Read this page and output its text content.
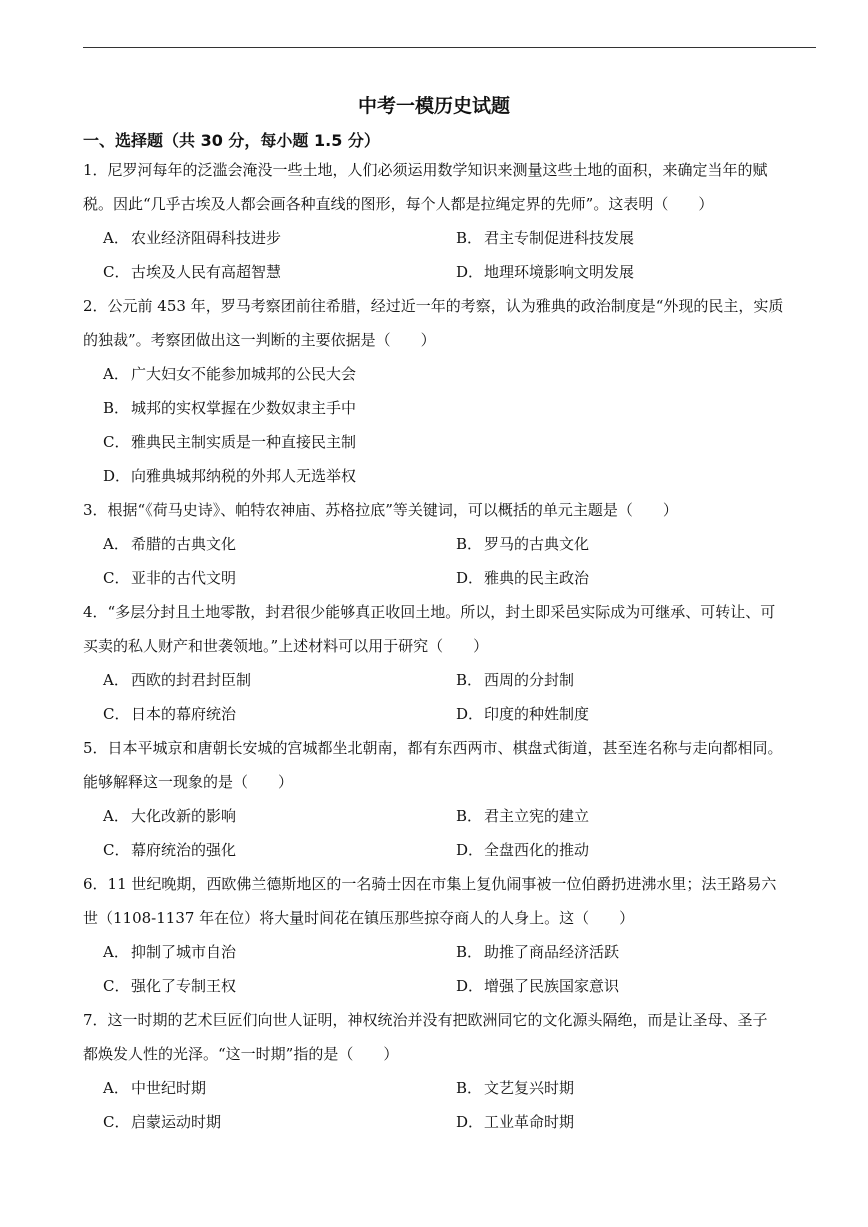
中考一模历史试题
一、选择题（共 30 分，每小题 1.5 分）
1．尼罗河每年的泛滥会淹没一些土地，人们必须运用数学知识来测量这些土地的面积，来确定当年的赋
税。因此“几乎古埃及人都会画各种直线的图形，每个人都是拉绳定界的先师”。这表明（　　）
A． 农业经济阻碍科技进步	B． 君主专制促进科技发展
C． 古埃及人民有高超智慧	D．地理环境影响文明发展
2．公元前 453 年，罗马考察团前往希腊，经过近一年的考察，认为雅典的政治制度是“外现的民主，实质
的独裁”。考察团做出这一判断的主要依据是（　　）
A． 广大妇女不能参加城邦的公民大会
B． 城邦的实权掌握在少数奴隶主手中
C． 雅典民主制实质是一种直接民主制
D．向雅典城邦纳税的外邦人无选举权
3．根据“《荷马史诗》、帕特农神庙、苏格拉底”等关键词，可以概括的单元主题是（　　）
A． 希腊的古典文化	B． 罗马的古典文化
C． 亚非的古代文明	D．雅典的民主政治
4．“多层分封且土地零散，封君很少能够真正收回土地。所以，封土即采邑实际成为可继承、可转让、可
买卖的私人财产和世袭领地。”上述材料可以用于研究（　　）
A． 西欧的封君封臣制	B． 西周的分封制
C． 日本的幕府统治	D．印度的种姓制度
5．日本平城京和唐朝长安城的宫城都坐北朝南，都有东西两市、棋盘式街道，甚至连名称与走向都相同。
能够解释这一现象的是（　　）
A． 大化改新的影响	B． 君主立宪的建立
C． 幕府统治的强化	D．全盘西化的推动
6．11 世纪晚期，西欧佛兰德斯地区的一名骑士因在市集上复仇闹事被一位伯爵扔进沸水里；法王路易六
世（1108-1137 年在位）将大量时间花在镇压那些掠夺商人的人身上。这（　　）
A． 抑制了城市自治	B． 助推了商品经济活跃
C． 强化了专制王权	D．增强了民族国家意识
7．这一时期的艺术巨匠们向世人证明，神权统治并没有把欧洲同它的文化源头隔绝，而是让圣母、圣子
都焕发人性的光泽。“这一时期”指的是（　　）
A． 中世纪时期	B． 文艺复兴时期
C． 启蒙运动时期	D．工业革命时期
